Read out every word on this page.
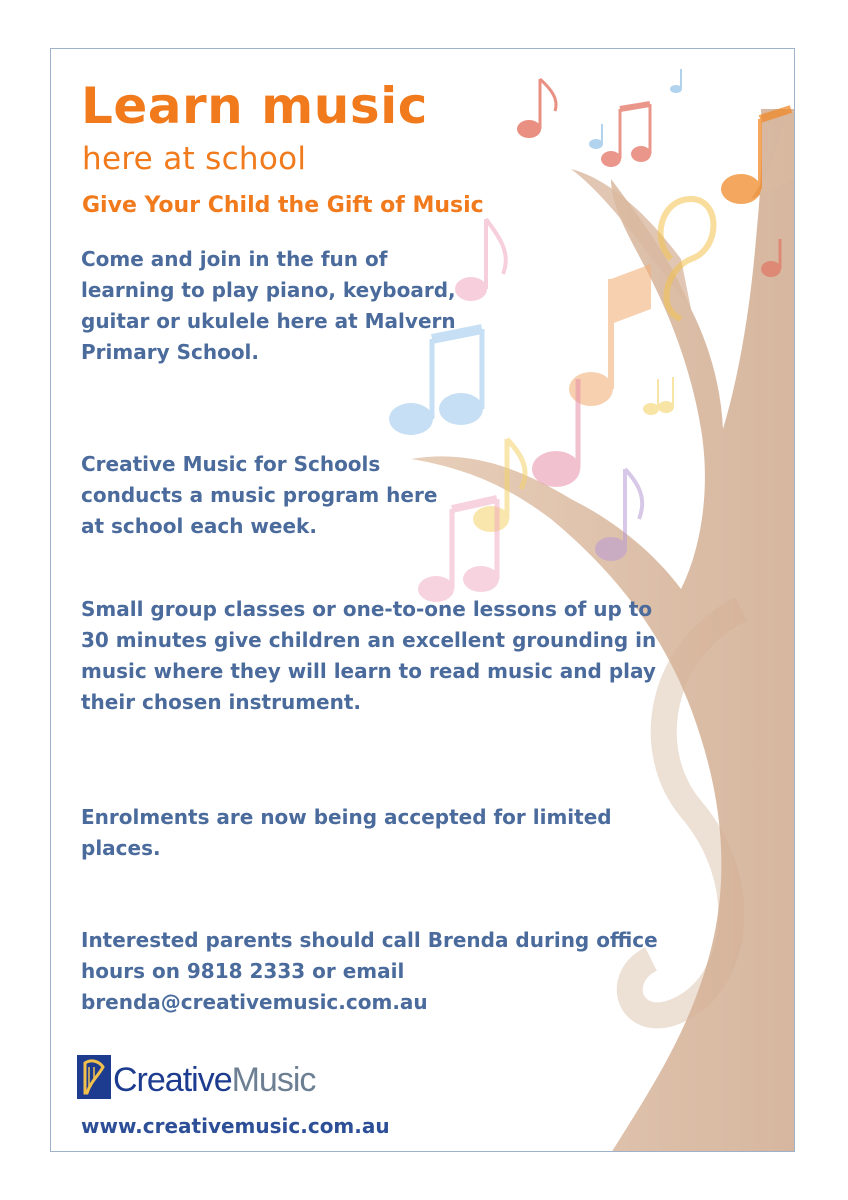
Learn music
here at school
Give Your Child the Gift of Music

Come and join in the fun of learning to play piano, keyboard, guitar or ukulele here at Malvern Primary School.

Creative Music for Schools conducts a music program here at school each week.

Small group classes or one-to-one lessons of up to 30 minutes give children an excellent grounding in music where they will learn to read music and play their chosen instrument.

Enrolments are now being accepted for limited places.

Interested parents should call Brenda during office hours on 9818 2333 or email brenda@creativemusic.com.au

Creative Music
www.creativemusic.com.au
